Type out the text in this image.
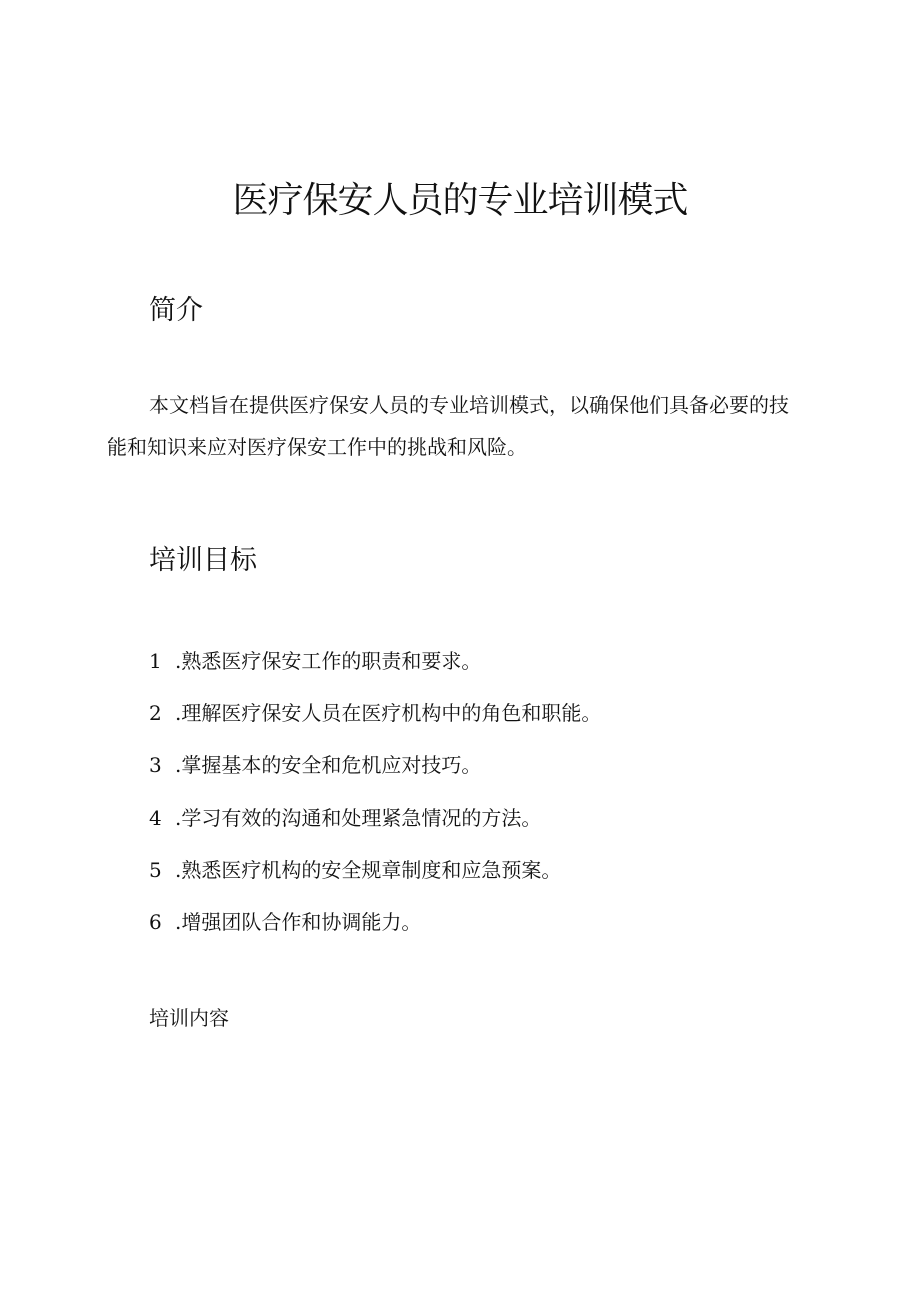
医疗保安人员的专业培训模式
简介

本文档旨在提供医疗保安人员的专业培训模式，以确保他们具备必要的技能和知识来应对医疗保安工作中的挑战和风险。

培训目标
1 .熟悉医疗保安工作的职责和要求。
2 .理解医疗保安人员在医疗机构中的角色和职能。
3 .掌握基本的安全和危机应对技巧。
4 .学习有效的沟通和处理紧急情况的方法。
5 .熟悉医疗机构的安全规章制度和应急预案。
6 .增强团队合作和协调能力。

培训内容
